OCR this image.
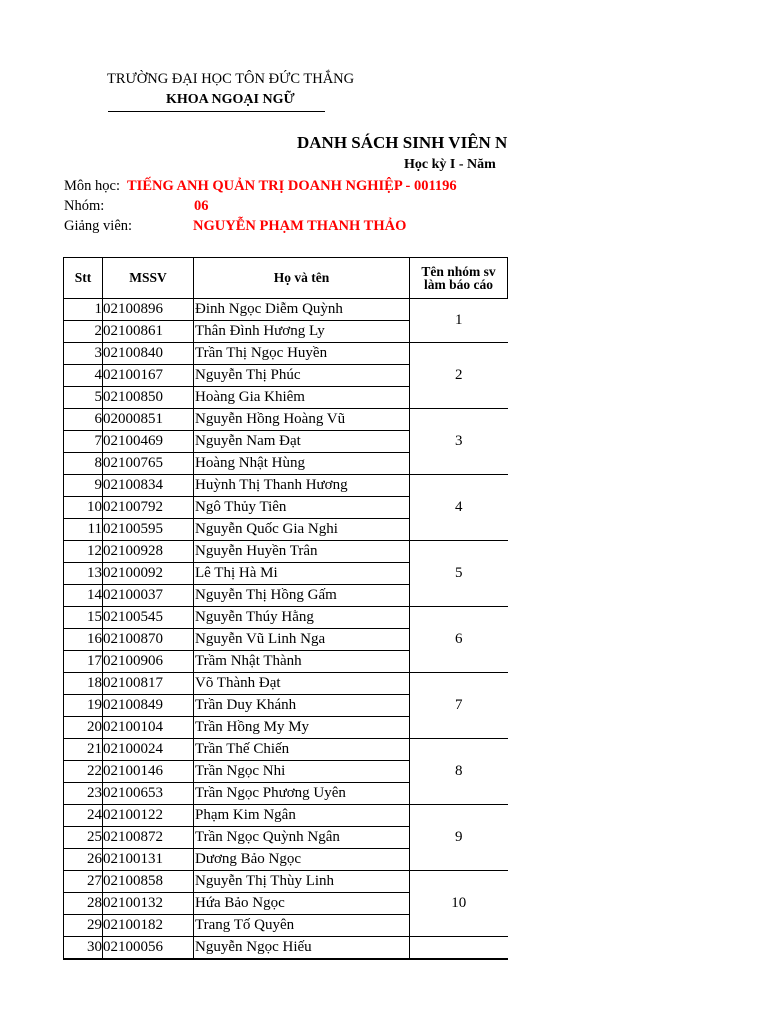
TRƯỜNG ĐẠI HỌC TÔN ĐỨC THẮNG
KHOA NGOẠI NGỮ
DANH SÁCH SINH VIÊN N
Học kỳ I - Năm
Môn học: TIẾNG ANH QUẢN TRỊ DOANH NGHIỆP - 001196
Nhóm:	06
Giảng viên:	NGUYỄN PHẠM THANH THẢO
Stt	MSSV	Họ và tên	Tên nhóm sv
làm báo cáo
1	02100896	Đinh Ngọc Diễm Quỳnh	1
2	02100861	Thân Đình Hương Ly	
3	02100840	Trần Thị Ngọc Huyền	2
4	02100167	Nguyễn Thị Phúc	
5	02100850	Hoàng Gia Khiêm	
6	02000851	Nguyễn Hồng Hoàng Vũ	3
7	02100469	Nguyễn Nam Đạt	
8	02100765	Hoàng Nhật Hùng	
9	02100834	Huỳnh Thị Thanh Hương	4
10	02100792	Ngô Thủy Tiên	
11	02100595	Nguyễn Quốc Gia Nghi	
12	02100928	Nguyễn Huyền Trân	5
13	02100092	Lê Thị Hà Mi	
14	02100037	Nguyễn Thị Hồng Gấm	
15	02100545	Nguyễn Thúy Hằng	6
16	02100870	Nguyễn Vũ Linh Nga	
17	02100906	Trầm Nhật Thành	
18	02100817	Võ Thành Đạt	7
19	02100849	Trần Duy Khánh	
20	02100104	Trần Hồng My My	
21	02100024	Trần Thế Chiến	8
22	02100146	Trần Ngọc Nhi	
23	02100653	Trần Ngọc Phương Uyên	
24	02100122	Phạm Kim Ngân	9
25	02100872	Trần Ngọc Quỳnh Ngân	
26	02100131	Dương Bảo Ngọc	
27	02100858	Nguyễn Thị Thùy Linh	10
28	02100132	Hứa Bảo Ngọc	
29	02100182	Trang Tố Quyên	
30	02100056	Nguyễn Ngọc Hiếu	
